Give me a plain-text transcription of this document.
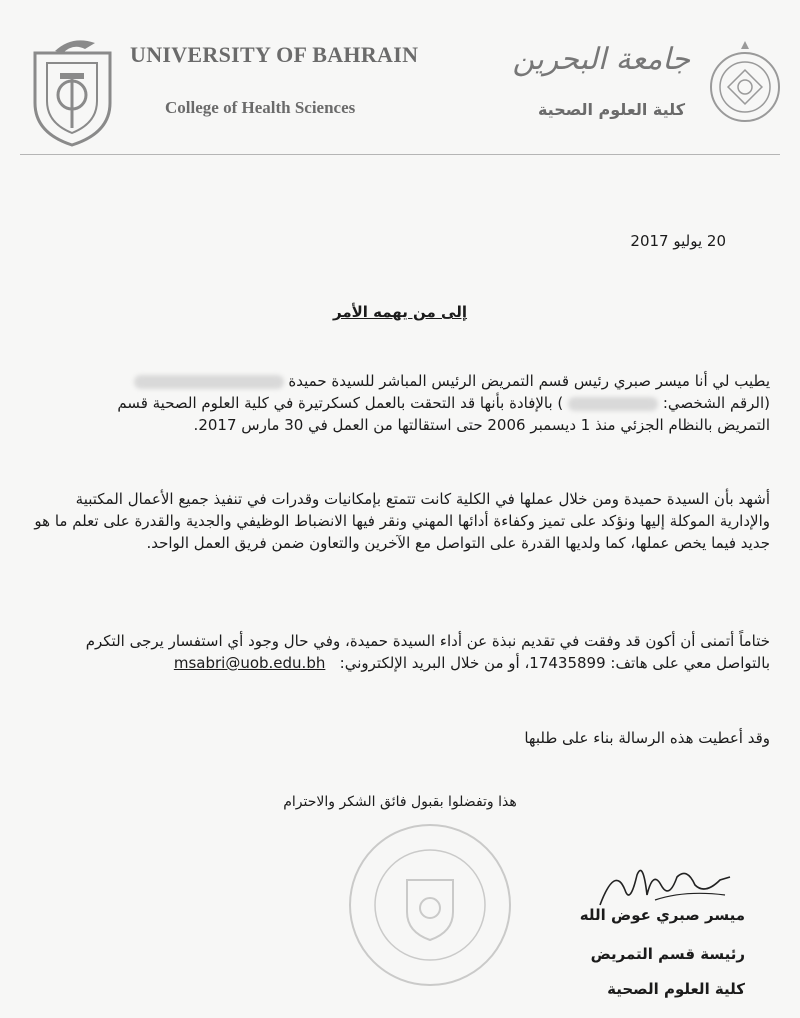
UNIVERSITY OF BAHRAIN
College of Health Sciences
جامعة البحرين
كلية العلوم الصحية
20 يوليو 2017
إلى من يهمه الأمر
يطيب لي أنا ميسر صبري رئيس قسم التمريض الرئيس المباشر للسيدة حميدة
(الرقم الشخصي:  ) بالإفادة بأنها قد التحقت بالعمل كسكرتيرة في كلية العلوم الصحية قسم
التمريض بالنظام الجزئي منذ 1 ديسمبر 2006 حتى استقالتها من العمل في 30 مارس 2017.
أشهد بأن السيدة حميدة ومن خلال عملها في الكلية كانت تتمتع بإمكانيات وقدرات في تنفيذ جميع الأعمال المكتبية والإدارية الموكلة إليها ونؤكد على تميز وكفاءة أدائها المهني ونقر فيها الانضباط الوظيفي والجدية والقدرة على تعلم ما هو جديد فيما يخص عملها، كما ولديها القدرة على التواصل مع الآخرين والتعاون ضمن فريق العمل الواحد.
ختاماً أتمنى أن أكون قد وفقت في تقديم نبذة عن أداء السيدة حميدة، وفي حال وجود أي استفسار يرجى التكرم
بالتواصل معي على هاتف: 17435899، أو من خلال البريد الإلكتروني:   msabri@uob.edu.bh
وقد أعطيت هذه الرسالة بناء على طلبها
هذا وتفضلوا بقبول فائق الشكر والاحترام
ميسر صبري عوض الله
رئيسة قسم التمريض
كلية العلوم الصحية
